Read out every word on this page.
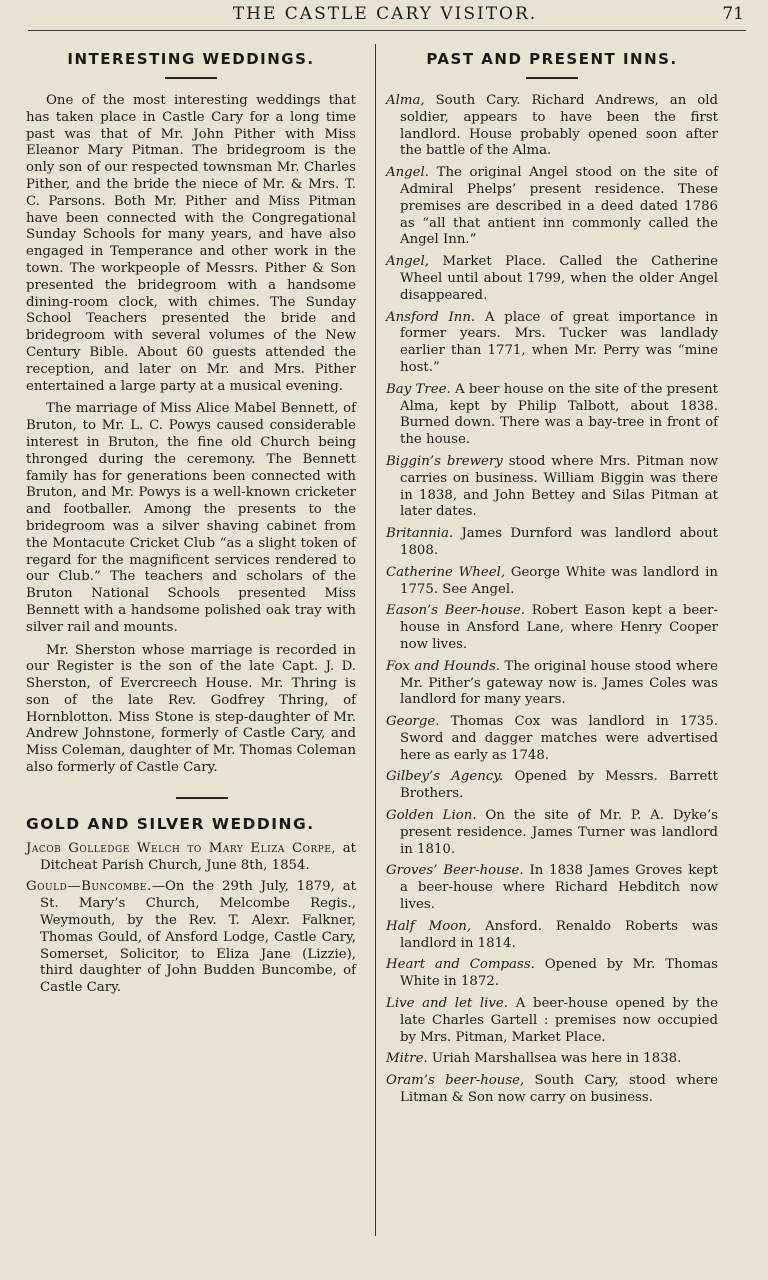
THE CASTLE CARY VISITOR.	71
INTERESTING WEDDINGS.

One of the most interesting weddings that has taken place in Castle Cary for a long time past was that of Mr. John Pither with Miss Eleanor Mary Pitman. The bridegroom is the only son of our respected townsman Mr. Charles Pither, and the bride the niece of Mr. & Mrs. T. C. Parsons. Both Mr. Pither and Miss Pitman have been connected with the Congregational Sunday Schools for many years, and have also engaged in Temperance and other work in the town. The workpeople of Messrs. Pither & Son presented the bridegroom with a handsome dining-room clock, with chimes. The Sunday School Teachers presented the bride and bridegroom with several volumes of the New Century Bible. About 60 guests attended the reception, and later on Mr. and Mrs. Pither entertained a large party at a musical evening.

The marriage of Miss Alice Mabel Bennett, of Bruton, to Mr. L. C. Powys caused considerable interest in Bruton, the fine old Church being thronged during the ceremony. The Bennett family has for generations been connected with Bruton, and Mr. Powys is a well-known cricketer and footballer. Among the presents to the bridegroom was a silver shaving cabinet from the Montacute Cricket Club “as a slight token of regard for the magnificent services rendered to our Club.” The teachers and scholars of the Bruton National Schools presented Miss Bennett with a handsome polished oak tray with silver rail and mounts.

Mr. Sherston whose marriage is recorded in our Register is the son of the late Capt. J. D. Sherston, of Evercreech House. Mr. Thring is son of the late Rev. Godfrey Thring, of Hornblotton. Miss Stone is step-daughter of Mr. Andrew Johnstone, formerly of Castle Cary, and Miss Coleman, daughter of Mr. Thomas Coleman also formerly of Castle Cary.

GOLD AND SILVER WEDDING.

Jacob Golledge Welch to Mary Eliza Corpe, at Ditcheat Parish Church, June 8th, 1854.

Gould—Buncombe.—On the 29th July, 1879, at St. Mary’s Church, Melcombe Regis., Weymouth, by the Rev. T. Alexr. Falkner, Thomas Gould, of Ansford Lodge, Castle Cary, Somerset, Solicitor, to Eliza Jane (Lizzie), third daughter of John Budden Buncombe, of Castle Cary.

PAST AND PRESENT INNS.

Alma, South Cary. Richard Andrews, an old soldier, appears to have been the first landlord. House probably opened soon after the battle of the Alma.

Angel. The original Angel stood on the site of Admiral Phelps’ present residence. These premises are described in a deed dated 1786 as “all that antient inn commonly called the Angel Inn.”

Angel, Market Place. Called the Catherine Wheel until about 1799, when the older Angel disappeared.

Ansford Inn. A place of great importance in former years. Mrs. Tucker was landlady earlier than 1771, when Mr. Perry was “mine host.”

Bay Tree. A beer house on the site of the present Alma, kept by Philip Talbott, about 1838. Burned down. There was a bay-tree in front of the house.

Biggin’s brewery stood where Mrs. Pitman now carries on business. William Biggin was there in 1838, and John Bettey and Silas Pitman at later dates.

Britannia. James Durnford was landlord about 1808.

Catherine Wheel, George White was landlord in 1775. See Angel.

Eason’s Beer-house. Robert Eason kept a beer-house in Ansford Lane, where Henry Cooper now lives.

Fox and Hounds. The original house stood where Mr. Pither’s gateway now is. James Coles was landlord for many years.

George. Thomas Cox was landlord in 1735. Sword and dagger matches were advertised here as early as 1748.

Gilbey’s Agency. Opened by Messrs. Barrett Brothers.

Golden Lion. On the site of Mr. P. A. Dyke’s present residence. James Turner was landlord in 1810.

Groves’ Beer-house. In 1838 James Groves kept a beer-house where Richard Hebditch now lives.

Half Moon, Ansford. Renaldo Roberts was landlord in 1814.

Heart and Compass. Opened by Mr. Thomas White in 1872.

Live and let live. A beer-house opened by the late Charles Gartell : premises now occupied by Mrs. Pitman, Market Place.

Mitre. Uriah Marshallsea was here in 1838.

Oram’s beer-house, South Cary, stood where Litman & Son now carry on business.
